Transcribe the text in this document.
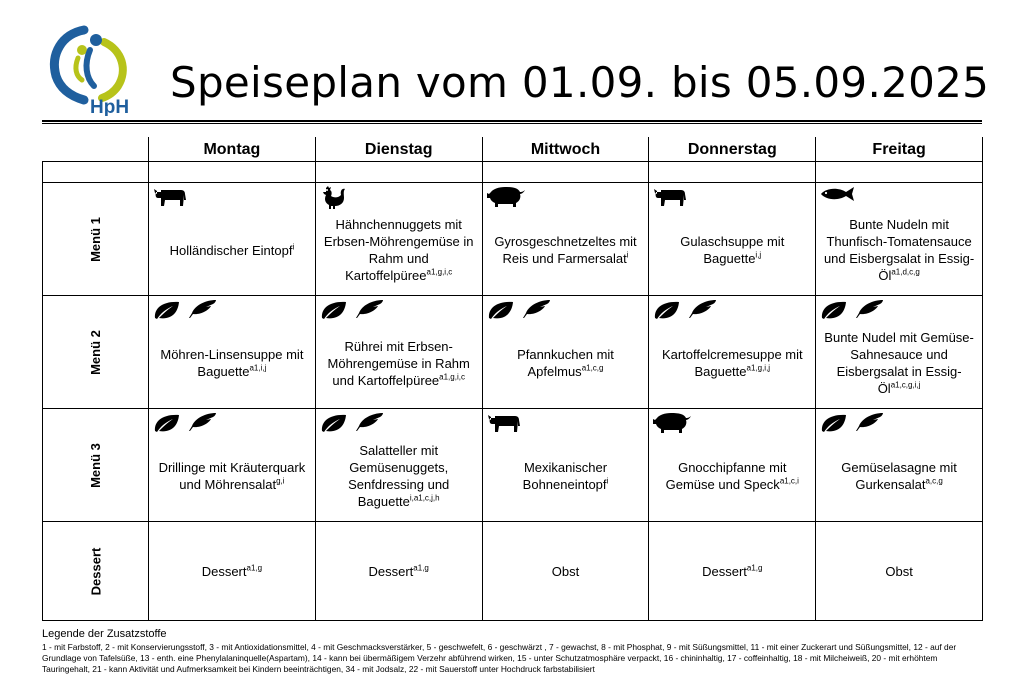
HpH
Speiseplan vom 01.09. bis 05.09.2025
	Montag	Dienstag	Mittwoch	Donnerstag	Freitag

Menü 1	Holländischer Eintopf$^i$	Hähnchennuggets mit Erbsen-Möhrengemüse in Rahm und Kartoffelpüree$^{a1,g,i,c}$	Gyrosgeschnetzeltes mit Reis und Farmersalat$^i$	Gulaschsuppe mit Baguette$^{i,j}$	Bunte Nudeln mit Thunfisch-Tomatensauce und Eisbergsalat in Essig-$Öl^{a1,d,c,g}$

Menü 2	Möhren-Linsensuppe mit Baguette$^{a1,i,j}$	Rührei mit Erbsen-Möhrengemüse in Rahm und Kartoffelpüree$^{a1,g,i,c}$	Pfannkuchen mit Apfelmus$^{a1,c,g}$	Kartoffelcremesuppe mit Baguette$^{a1,g,i,j}$	Bunte Nudel mit Gemüse-Sahnesauce und Eisbergsalat in Essig-$Öl^{a1,c,g,i,j}$

Menü 3	Drillinge mit Kräuterquark und Möhrensalat$^{g,i}$	Salatteller mit Gemüsenuggets, Senfdressing und Baguette$^{i,a1,c,j,h}$	Mexikanischer Bohneneintopf$^i$	Gnocchipfanne mit Gemüse und Speck$^{a1,c,i}$	Gemüselasagne mit Gurkensalat$^{a,c,g}$

Dessert	Dessert$^{a1,g}$	Dessert$^{a1,g}$	Obst	Dessert$^{a1,g}$	Obst
Legende der Zusatzstoffe
1 - mit Farbstoff, 2 - mit Konservierungsstoff, 3 - mit Antioxidationsmittel, 4 - mit Geschmacksverstärker, 5 - geschwefelt, 6 - geschwärzt , 7 - gewachst, 8 - mit Phosphat, 9 - mit Süßungsmittel, 11 - mit einer Zuckerart und Süßungsmittel, 12 - auf der Grundlage von Tafelsüße, 13 - enth. eine Phenylalaninquelle(Aspartam), 14 - kann bei übermäßigem Verzehr abführend wirken, 15 - unter Schutzatmosphäre verpackt, 16 - chininhaltig, 17 - coffeinhaltig, 18 - mit Milcheiweiß, 20 - mit erhöhtem Tauringehalt, 21 - kann Aktivität und Aufmerksamkeit bei Kindern beeinträchtigen, 34 - mit Jodsalz, 22 - mit Sauerstoff unter Hochdruck farbstabilisiert
